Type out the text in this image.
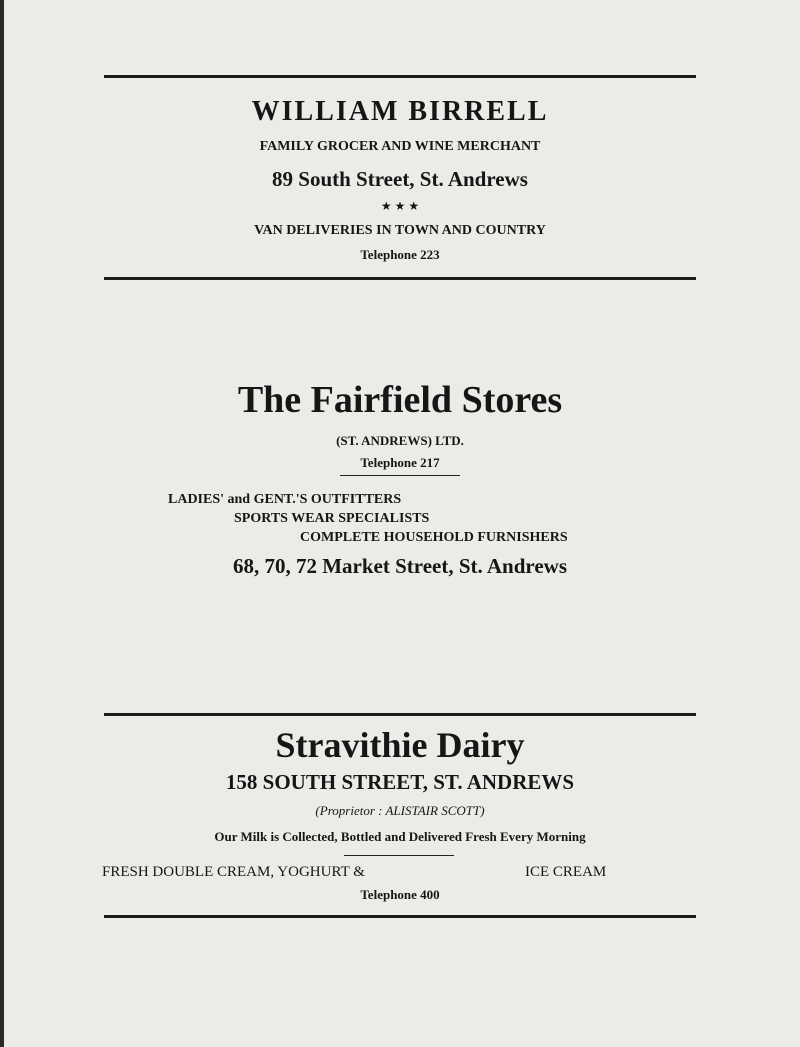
WILLIAM BIRRELL
FAMILY GROCER AND WINE MERCHANT
89 South Street, St. Andrews
★ ★ ★
VAN DELIVERIES IN TOWN AND COUNTRY
Telephone 223
The Fairfield Stores
(ST. ANDREWS) LTD.
Telephone 217
LADIES' and GENT.'S OUTFITTERS
SPORTS WEAR SPECIALISTS
COMPLETE HOUSEHOLD FURNISHERS
68, 70, 72 Market Street, St. Andrews
Stravithie Dairy
158 SOUTH STREET, ST. ANDREWS
(Proprietor : ALISTAIR SCOTT)
Our Milk is Collected, Bottled and Delivered Fresh Every Morning
FRESH DOUBLE CREAM, YOGHURT &	ICE CREAM
Telephone 400
